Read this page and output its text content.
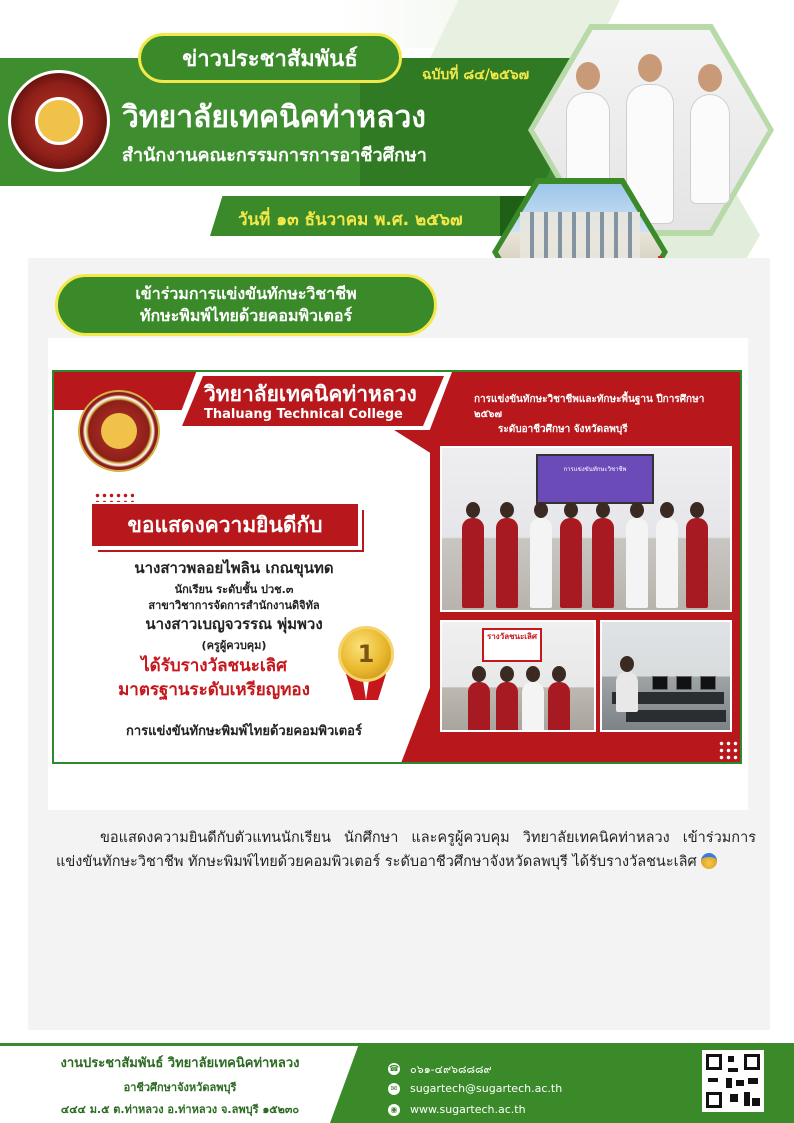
ข่าวประชาสัมพันธ์
ฉบับที่ ๘๔/๒๕๖๗
วิทยาลัยเทคนิคท่าหลวง
สำนักงานคณะกรรมการการอาชีวศึกษา
วันที่ ๑๓ ธันวาคม พ.ศ. ๒๕๖๗
เข้าร่วมการแข่งขันทักษะวิชาชีพ
ทักษะพิมพ์ไทยด้วยคอมพิวเตอร์
วิทยาลัยเทคนิคท่าหลวง
Thaluang Technical College
การแข่งขันทักษะวิชาชีพและทักษะพื้นฐาน ปีการศึกษา ๒๕๖๗
ระดับอาชีวศึกษา จังหวัดลพบุรี
ขอแสดงความยินดีกับ
นางสาวพลอยไพลิน เกณขุนทด
นักเรียน ระดับชั้น ปวช.๓
สาขาวิชาการจัดการสำนักงานดิจิทัล
นางสาวเบญจวรรณ พุ่มพวง
(ครูผู้ควบคุม)
ได้รับรางวัลชนะเลิศ
มาตรฐานระดับเหรียญทอง
1
การแข่งขันทักษะพิมพ์ไทยด้วยคอมพิวเตอร์
การแข่งขันทักษะวิชาชีพ
รางวัลชนะเลิศ
ขอแสดงความยินดีกับตัวแทนนักเรียน นักศึกษา และครูผู้ควบคุม วิทยาลัยเทคนิคท่าหลวง เข้าร่วมการแข่งขันทักษะวิชาชีพ ทักษะพิมพ์ไทยด้วยคอมพิวเตอร์ ระดับอาชีวศึกษาจังหวัดลพบุรี ได้รับรางวัลชนะเลิศ
งานประชาสัมพันธ์ วิทยาลัยเทคนิคท่าหลวง
อาชีวศึกษาจังหวัดลพบุรี
๔๔๔ ม.๕ ต.ท่าหลวง อ.ท่าหลวง จ.ลพบุรี ๑๕๒๓๐
☎ ๐๖๑-๔๙๖๘๘๘๙
✉ sugartech@sugartech.ac.th
◉ www.sugartech.ac.th
